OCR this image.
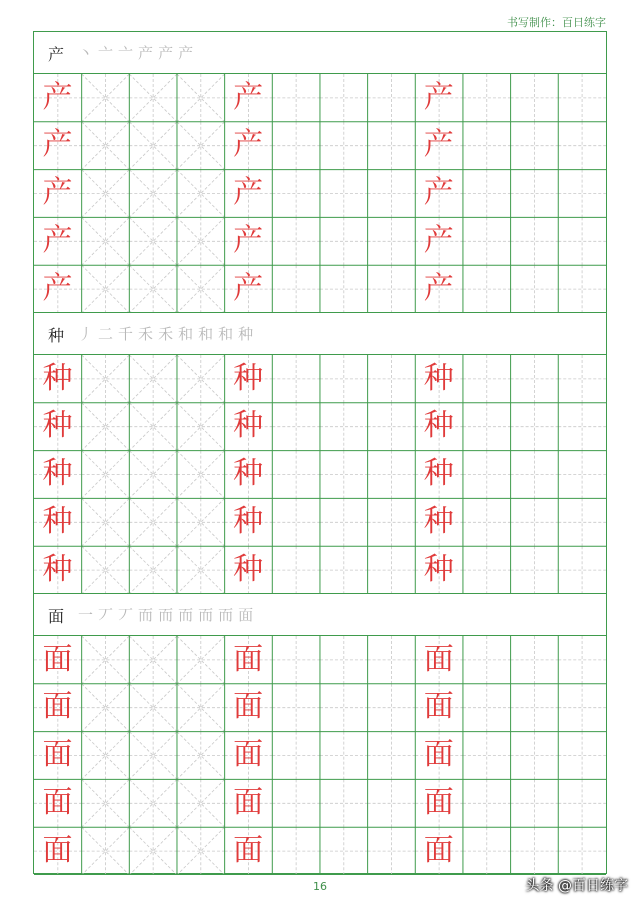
书写制作：百日练字
产 丶亠亠产产产
产
产
产
产
产
产
产
产
产
产
产
产
产
产
产
种 丿二千禾禾和和和种
种
种
种
种
种
种
种
种
种
种
种
种
种
种
种
面 一丆丆而而而而而面
面
面
面
面
面
面
面
面
面
面
面
面
面
面
面
16	头条 @百日练字
